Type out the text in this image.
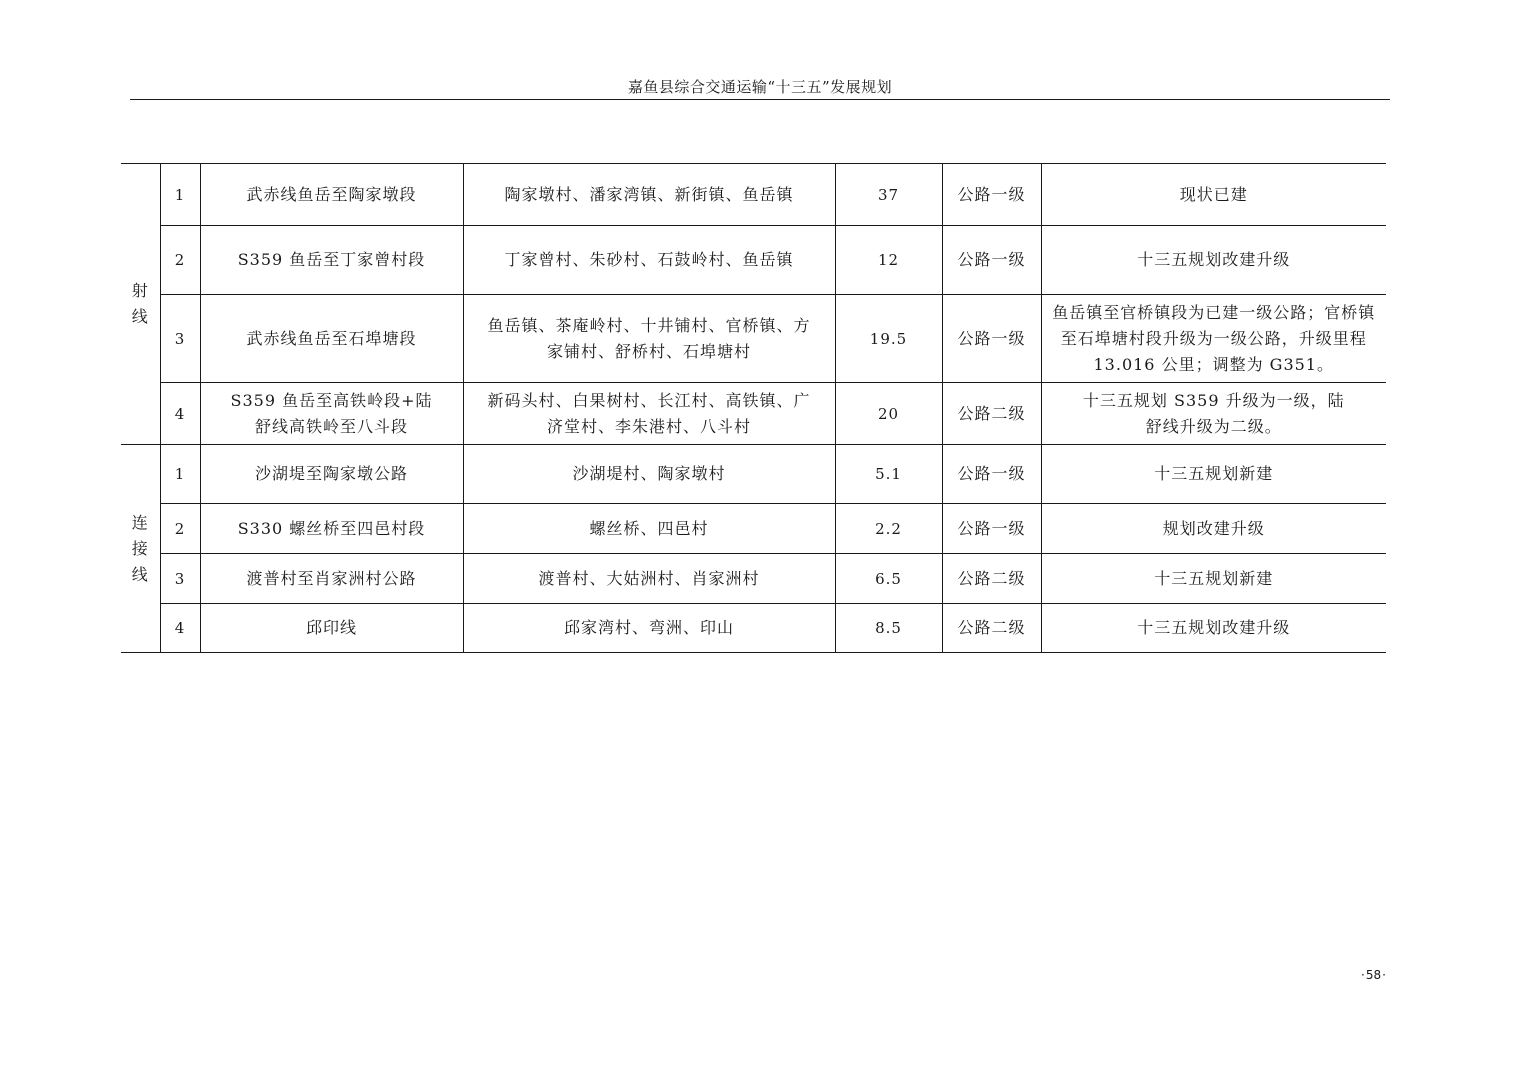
嘉鱼县综合交通运输“十三五”发展规划
射线	1	武赤线鱼岳至陶家墩段	陶家墩村、潘家湾镇、新街镇、鱼岳镇	37	公路一级	现状已建
	2	S359 鱼岳至丁家曾村段	丁家曾村、朱砂村、石鼓岭村、鱼岳镇	12	公路一级	十三五规划改建升级
	3	武赤线鱼岳至石埠塘段	鱼岳镇、茶庵岭村、十井铺村、官桥镇、方家铺村、舒桥村、石埠塘村	19.5	公路一级	鱼岳镇至官桥镇段为已建一级公路；官桥镇至石埠塘村段升级为一级公路，升级里程 13.016 公里；调整为 G351。
	4	S359 鱼岳至高铁岭段+陆舒线高铁岭至八斗段	新码头村、白果树村、长江村、高铁镇、广济堂村、李朱港村、八斗村	20	公路二级	十三五规划 S359 升级为一级，陆舒线升级为二级。
连接线	1	沙湖堤至陶家墩公路	沙湖堤村、陶家墩村	5.1	公路一级	十三五规划新建
	2	S330 螺丝桥至四邑村段	螺丝桥、四邑村	2.2	公路一级	规划改建升级
	3	渡普村至肖家洲村公路	渡普村、大姑洲村、肖家洲村	6.5	公路二级	十三五规划新建
	4	邱印线	邱家湾村、弯洲、印山	8.5	公路二级	十三五规划改建升级
·58·
